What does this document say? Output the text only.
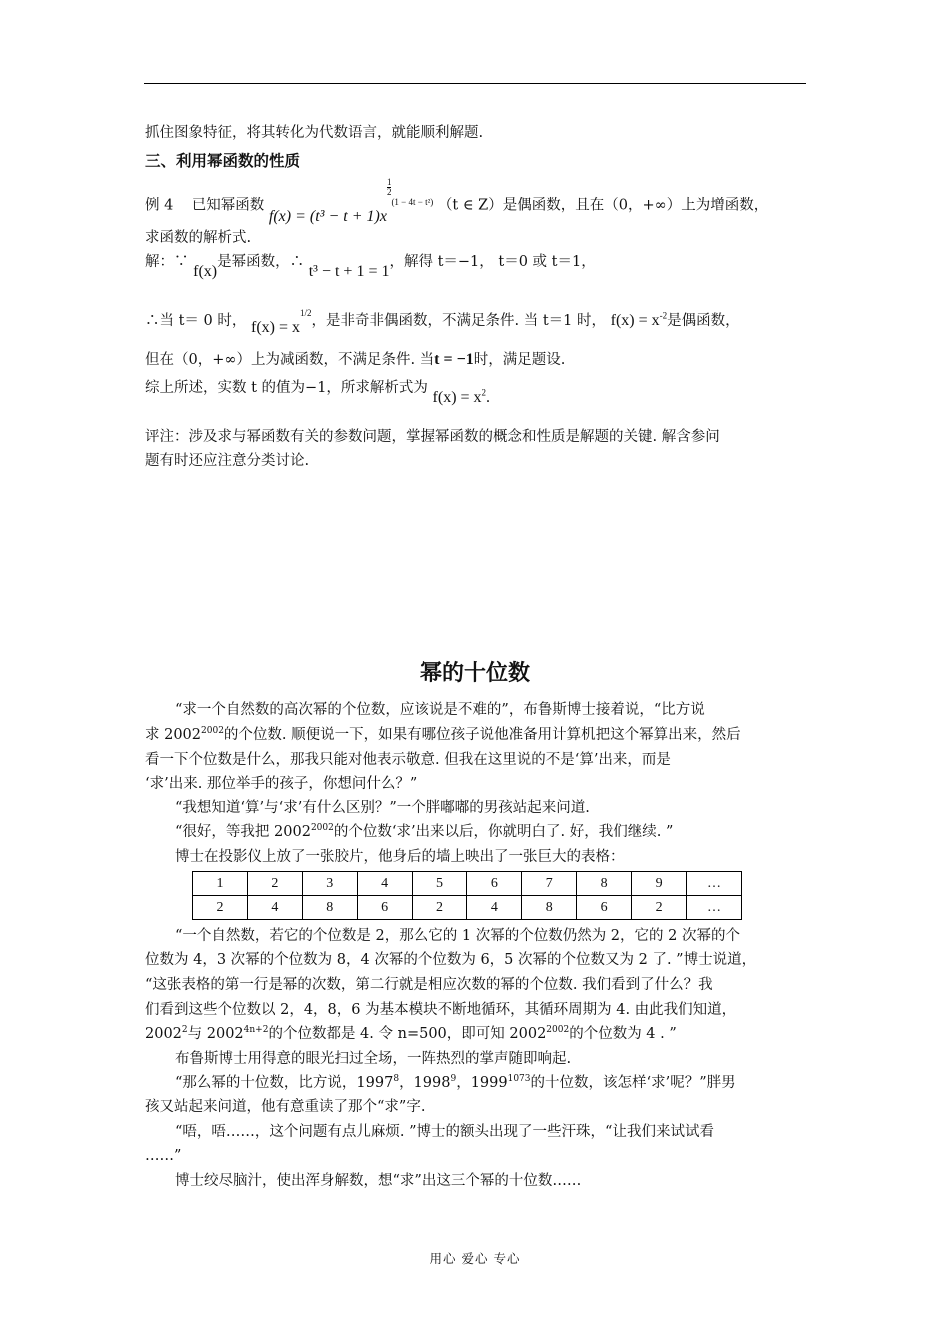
抓住图象特征，将其转化为代数语言，就能顺利解题.
三、利用幂函数的性质
例 4 已知幂函数 f(x) = (t³ − t + 1)x
$\frac{1}{2}$
$^{(1 - 4t - t^2)}$ （t ∈ Z）是偶函数，且在（0，+∞）上为增函数，
求函数的解析式.
解：∵ f(x)是幂函数，∴ t³ − t + 1 = 1，解得 t＝−1， t＝0 或 t＝1，
∴当 t＝ 0 时， $f(x) = x^{1/2}$，是非奇非偶函数，不满足条件. 当 t＝1 时， $f(x) = x^{-2}$是偶函数，
但在（0，+∞）上为减函数，不满足条件. 当t = −1时，满足题设.
综上所述，实数 t 的值为−1，所求解析式为 $f(x) = x^2$.
评注：涉及求与幂函数有关的参数问题，掌握幂函数的概念和性质是解题的关键. 解含参问
题有时还应注意分类讨论.
幂的十位数
“求一个自然数的高次幂的个位数，应该说是不难的”，布鲁斯博士接着说，“比方说
求 $2002^{2002}$的个位数. 顺便说一下，如果有哪位孩子说他准备用计算机把这个幂算出来，然后
看一下个位数是什么，那我只能对他表示敬意. 但我在这里说的不是‘算’出来，而是
‘求’出来. 那位举手的孩子，你想问什么？”
“我想知道‘算’与‘求’有什么区别？”一个胖嘟嘟的男孩站起来问道.
“很好，等我把 $2002^{2002}$的个位数‘求’出来以后，你就明白了. 好，我们继续. ”
博士在投影仪上放了一张胶片，他身后的墙上映出了一张巨大的表格：
1	2	3	4	5	6	7	8	9	…
2	4	8	6	2	4	8	6	2	…
“一个自然数，若它的个位数是 2，那么它的 1 次幂的个位数仍然为 2，它的 2 次幂的个
位数为 4，3 次幂的个位数为 8，4 次幂的个位数为 6，5 次幂的个位数又为 2 了. ”博士说道，
“这张表格的第一行是幂的次数，第二行就是相应次数的幂的个位数. 我们看到了什么？我
们看到这些个位数以 2，4，8，6 为基本模块不断地循环，其循环周期为 4. 由此我们知道，
2002$^2$与 $2002^{4n+2}$的个位数都是 4. 令 n=500，即可知 $2002^{2002}$的个位数为 4 . ”
布鲁斯博士用得意的眼光扫过全场，一阵热烈的掌声随即响起.
“那么幂的十位数，比方说，1997$^8$，1998$^9$，$1999^{1073}$的十位数，该怎样‘求’呢？”胖男
孩又站起来问道，他有意重读了那个“求”字.
“唔，唔……，这个问题有点儿麻烦. ”博士的额头出现了一些汗珠，“让我们来试试看
……”
博士绞尽脑汁，使出浑身解数，想“求”出这三个幂的十位数……
用心 爱心 专心
